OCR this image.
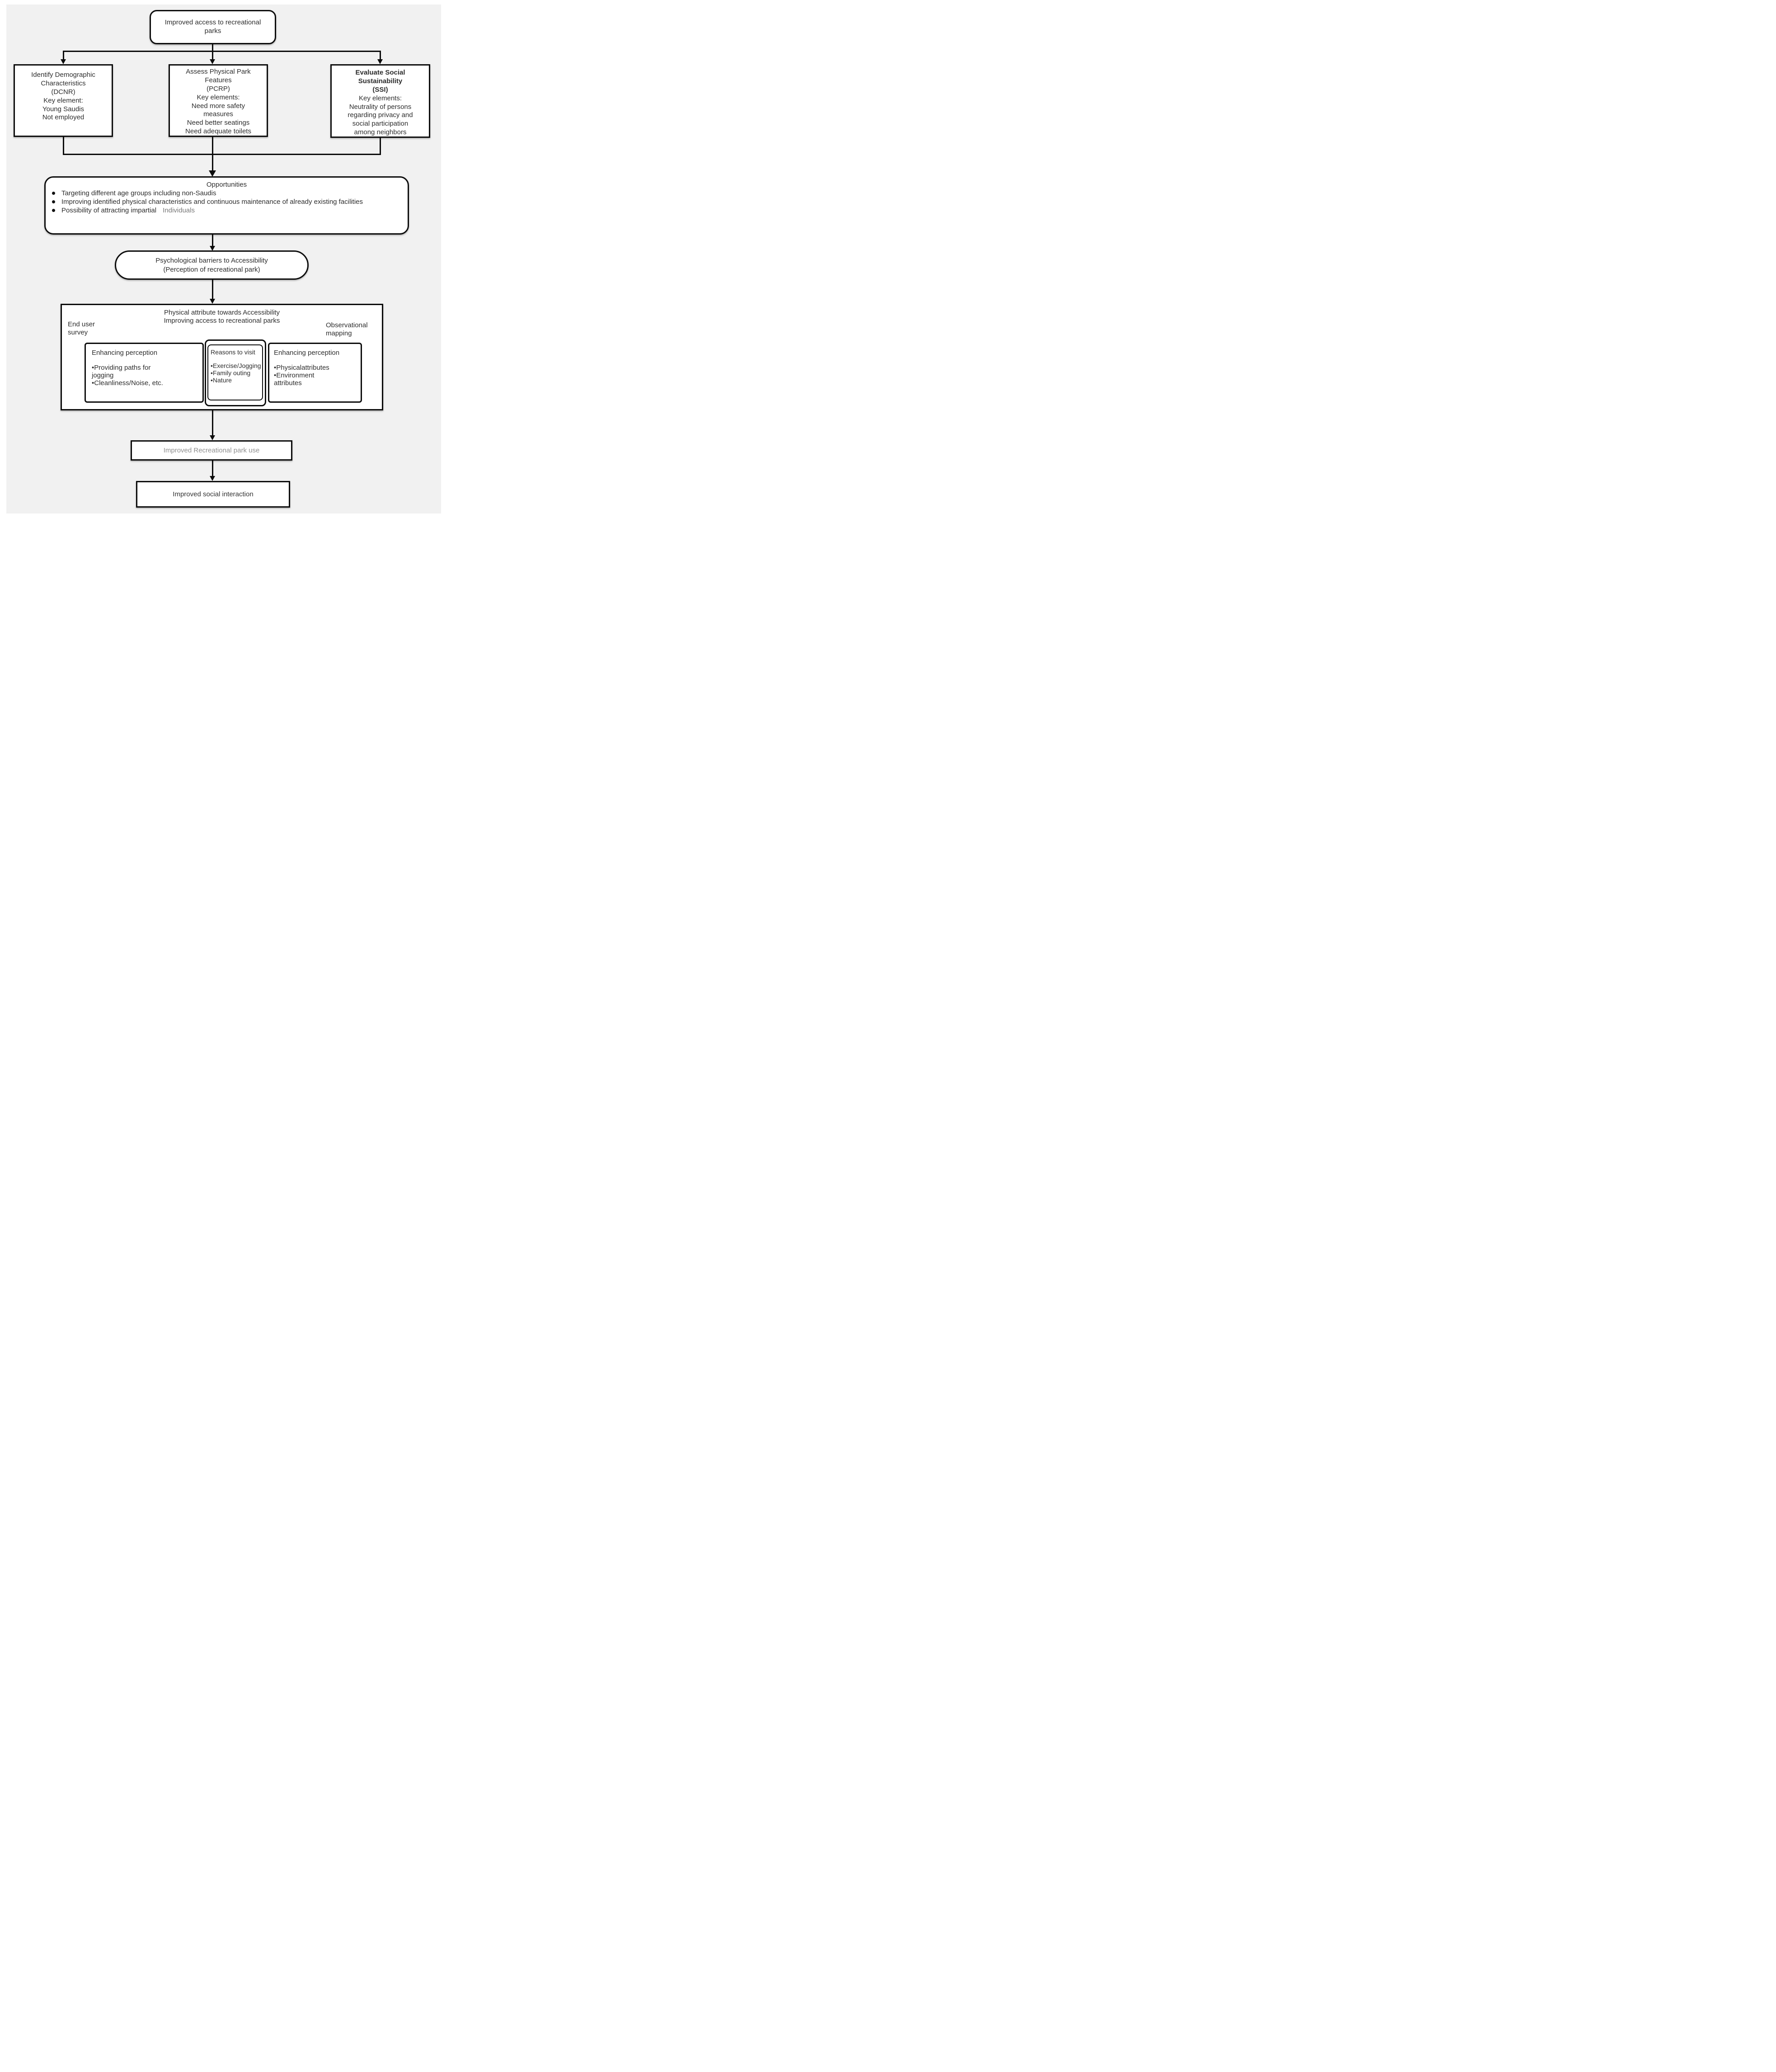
Improved access to recreational parks
Identify Demographic
Characteristics
(DCNR)
Key element:
Young Saudis
Not employed
Assess Physical Park
Features
(PCRP)
Key elements:
Need more safety
measures
Need better seatings
Need adequate toilets
Evaluate Social
Sustainability
(SSI)
Key elements:
Neutrality of persons
regarding privacy and
social participation
among neighbors
Opportunities
Targeting different age groups including non-Saudis
Improving identified physical characteristics and continuous maintenance of already existing facilities
Possibility of attracting impartial Individuals
Psychological barriers to Accessibility
(Perception of recreational park)
Physical attribute towards Accessibility
Improving access to recreational parks
End user survey
Observational mapping
Enhancing perception
•Providing paths for jogging
•Cleanliness/Noise, etc.
Reasons to visit
•Exercise/Jogging
•Family outing
•Nature
Enhancing perception
•Physicalattributes
•Environment attributes
Improved Recreational park use
Improved social interaction
